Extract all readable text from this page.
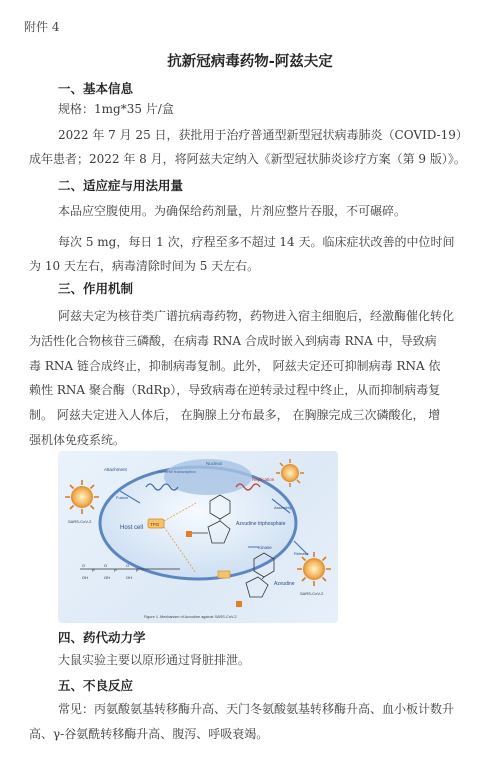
附件 4
抗新冠病毒药物-阿兹夫定
一、基本信息
规格：1mg*35 片/盒
2022 年 7 月 25 日，获批用于治疗普通型新型冠状病毒肺炎（COVID-19）
成年患者；2022 年 8 月，将阿兹夫定纳入《新型冠状肺炎诊疗方案（第 9 版）》。
二、适应症与用法用量
本品应空腹使用。为确保给药剂量，片剂应整片吞服，不可碾碎。
每次 5 mg，每日 1 次，疗程至多不超过 14 天。临床症状改善的中位时间
为 10 天左右，病毒清除时间为 5 天左右。
三、作用机制
阿兹夫定为核苷类广谱抗病毒药物，药物进入宿主细胞后，经激酶催化转化
为活性化合物核苷三磷酸，在病毒 RNA 合成时嵌入到病毒 RNA 中，导致病
毒 RNA 链合成终止，抑制病毒复制。此外， 阿兹夫定还可抑制病毒 RNA 依
赖性 RNA 聚合酶（RdRp），导致病毒在逆转录过程中终止，从而抑制病毒复
制。 阿兹夫定进入人体后， 在胸腺上分布最多， 在胸腺完成三次磷酸化， 增
强机体免疫系统。
Nucleus
Reverse transcription
Replication
Host cell
Attachment
Fusion
Assembly
Release
TPO	Azvudine triphosphate
Kinase
Azvudine
O	O	O
OH	OH	OH
P	P	P
SARS-CoV-2
SARS-CoV-2
Figure 1. Mechanism of Azvudine against SARS-CoV-2
四、药代动力学
大鼠实验主要以原形通过肾脏排泄。
五、不良反应
常见：丙氨酸氨基转移酶升高、天门冬氨酸氨基转移酶升高、血小板计数升
高、γ-谷氨酰转移酶升高、腹泻、呼吸衰竭。
